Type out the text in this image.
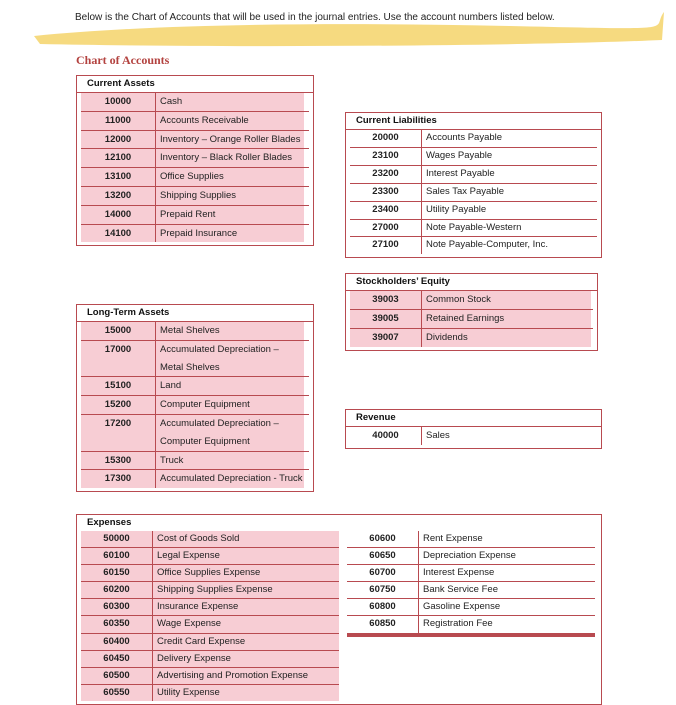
Below is the Chart of Accounts that will be used in the journal entries. Use the account numbers listed below.
Chart of Accounts
Current Assets
10000	Cash
11000	Accounts Receivable
12000	Inventory – Orange Roller Blades
12100	Inventory – Black Roller Blades
13100	Office Supplies
13200	Shipping Supplies
14000	Prepaid Rent
14100	Prepaid Insurance
Long-Term Assets
15000	Metal Shelves
17000	Accumulated Depreciation – Metal Shelves
15100	Land
15200	Computer Equipment
17200	Accumulated Depreciation – Computer Equipment
15300	Truck
17300	Accumulated Depreciation - Truck
Current Liabilities
20000	Accounts Payable
23100	Wages Payable
23200	Interest Payable
23300	Sales Tax Payable
23400	Utility Payable
27000	Note Payable-Western
27100	Note Payable-Computer, Inc.
Stockholders’ Equity
39003	Common Stock
39005	Retained Earnings
39007	Dividends
Revenue
40000	Sales
Expenses
50000	Cost of Goods Sold
60100	Legal Expense
60150	Office Supplies Expense
60200	Shipping Supplies Expense
60300	Insurance Expense
60350	Wage Expense
60400	Credit Card Expense
60450	Delivery Expense
60500	Advertising and Promotion Expense
60550	Utility Expense
60600	Rent Expense
60650	Depreciation Expense
60700	Interest Expense
60750	Bank Service Fee
60800	Gasoline Expense
60850	Registration Fee
